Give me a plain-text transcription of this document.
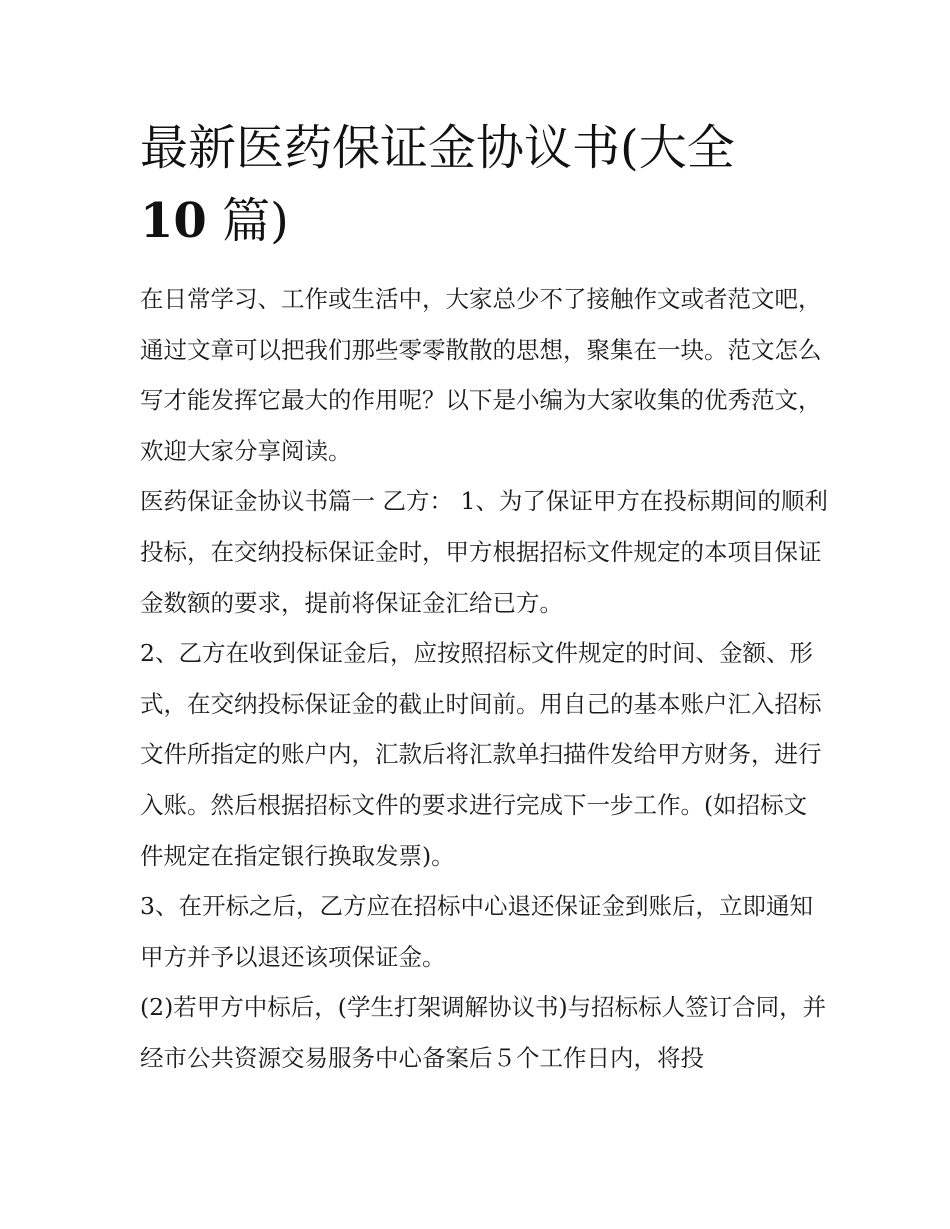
最新医药保证金协议书(大全
10 篇)

在日常学习、工作或生活中，大家总少不了接触作文或者范文吧，通过文章可以把我们那些零零散散的思想，聚集在一块。范文怎么写才能发挥它最大的作用呢？以下是小编为大家收集的优秀范文，欢迎大家分享阅读。

医药保证金协议书篇一 乙方： 1、为了保证甲方在投标期间的顺利投标，在交纳投标保证金时，甲方根据招标文件规定的本项目保证金数额的要求，提前将保证金汇给已方。

2、乙方在收到保证金后，应按照招标文件规定的时间、金额、形式，在交纳投标保证金的截止时间前。用自己的基本账户汇入招标文件所指定的账户内，汇款后将汇款单扫描件发给甲方财务，进行入账。然后根据招标文件的要求进行完成下一步工作。(如招标文件规定在指定银行换取发票)。

3、在开标之后，乙方应在招标中心退还保证金到账后，立即通知甲方并予以退还该项保证金。

(2)若甲方中标后，(学生打架调解协议书)与招标标人签订合同，并经市公共资源交易服务中心备案后５个工作日内，将投
